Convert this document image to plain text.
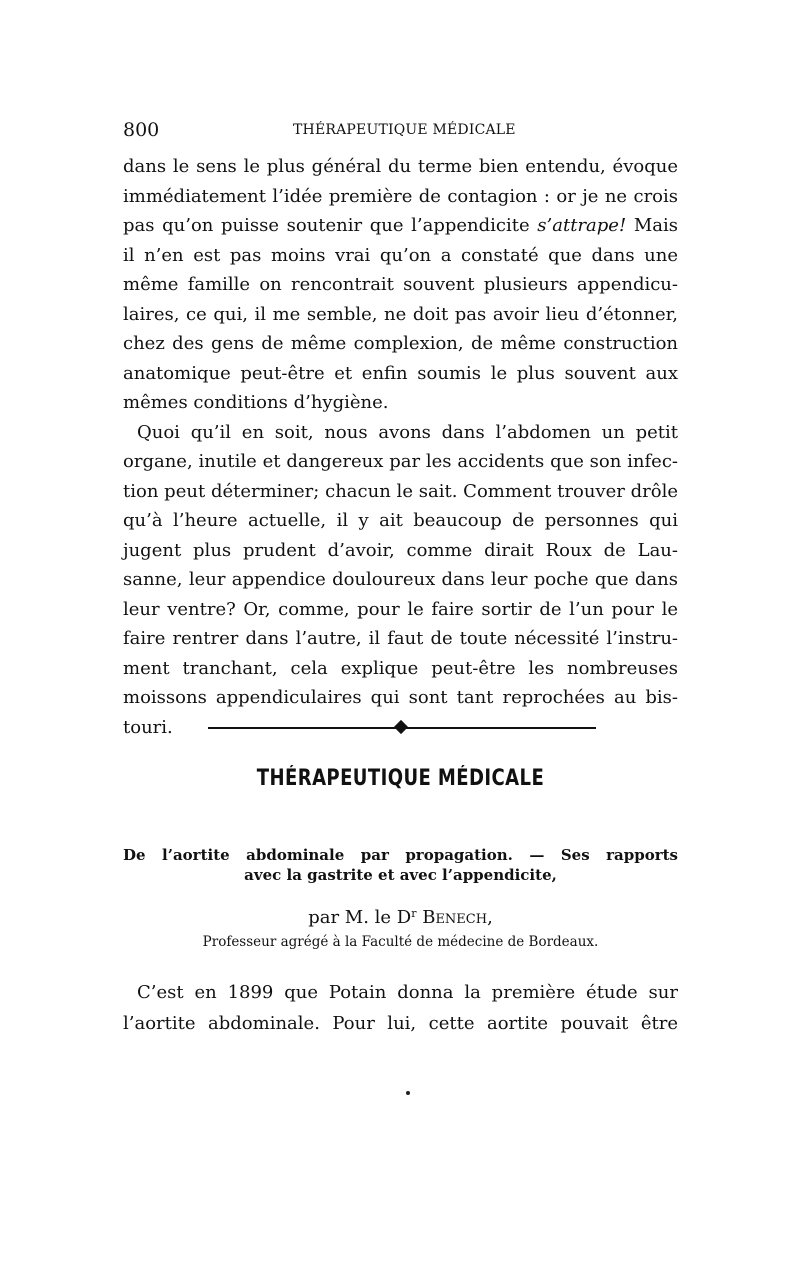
800	THÉRAPEUTIQUE MÉDICALE
dans le sens le plus général du terme bien entendu, évoque
immédiatement l’idée première de contagion : or je ne crois
pas qu’on puisse soutenir que l’appendicite s’attrape! Mais
il n’en est pas moins vrai qu’on a constaté que dans une
même famille on rencontrait souvent plusieurs appendicu-
laires, ce qui, il me semble, ne doit pas avoir lieu d’étonner,
chez des gens de même complexion, de même construction
anatomique peut-être et enfin soumis le plus souvent aux
mêmes conditions d’hygiène.
Quoi qu’il en soit, nous avons dans l’abdomen un petit
organe, inutile et dangereux par les accidents que son infec-
tion peut déterminer; chacun le sait. Comment trouver drôle
qu’à l’heure actuelle, il y ait beaucoup de personnes qui
jugent plus prudent d’avoir, comme dirait Roux de Lau-
sanne, leur appendice douloureux dans leur poche que dans
leur ventre? Or, comme, pour le faire sortir de l’un pour le
faire rentrer dans l’autre, il faut de toute nécessité l’instru-
ment tranchant, cela explique peut-être les nombreuses
moissons appendiculaires qui sont tant reprochées au bis-
touri.
THÉRAPEUTIQUE MÉDICALE
De l’aortite abdominale par propagation. — Ses rapports
avec la gastrite et avec l’appendicite,
par M. le $D^r$ Benech,
Professeur agrégé à la Faculté de médecine de Bordeaux.
C’est en 1899 que Potain donna la première étude sur
l’aortite abdominale. Pour lui, cette aortite pouvait être
